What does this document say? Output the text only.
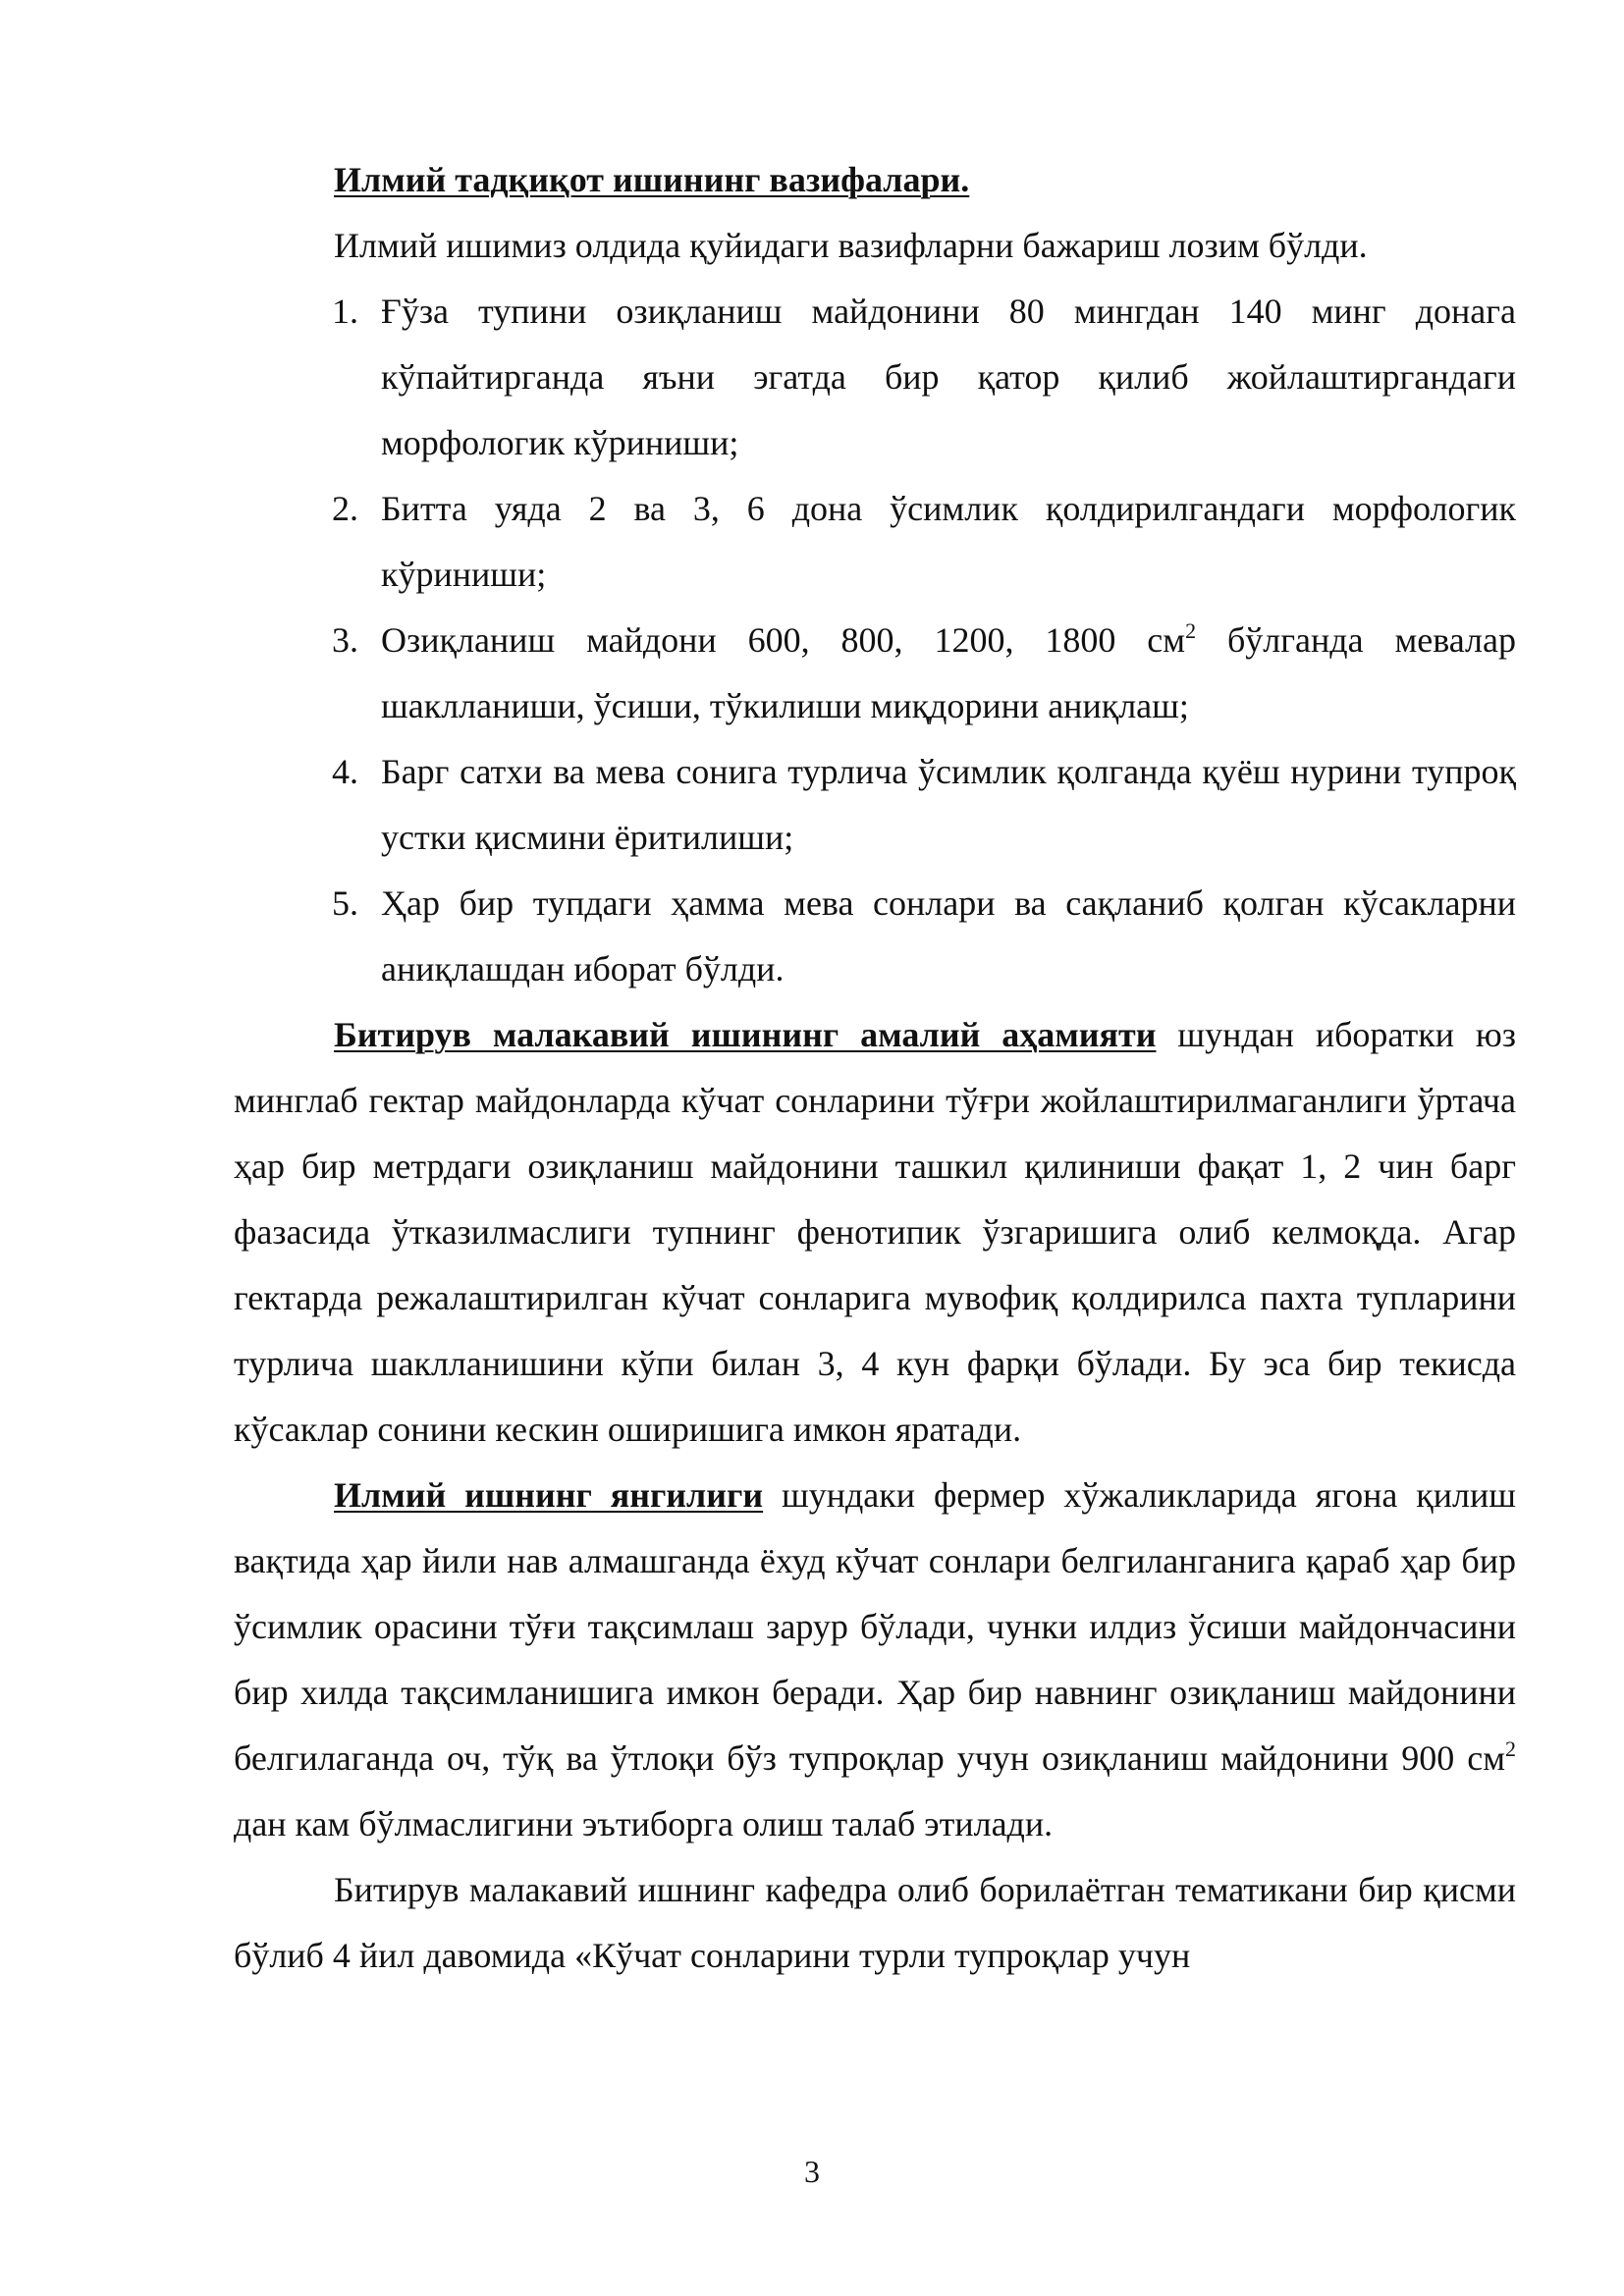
Илмий тадқиқот ишининг вазифалари.

Илмий ишимиз олдида қуйидаги вазифларни бажариш лозим бўлди.

1. Ғўза тупини озиқланиш майдонини 80 мингдан 140 минг донага кўпайтирганда яъни эгатда бир қатор қилиб жойлаштиргандаги морфологик кўриниши;
2. Битта уяда 2 ва 3, 6 дона ўсимлик қолдирилгандаги морфологик кўриниши;
3. Озиқланиш майдони 600, 800, 1200, 1800 $см^2$ бўлганда мевалар шаклланиши, ўсиши, тўкилиши миқдорини аниқлаш;
4. Барг сатхи ва мева сонига турлича ўсимлик қолганда қуёш нурини тупроқ устки қисмини ёритилиши;
5. Ҳар бир тупдаги ҳамма мева сонлари ва сақланиб қолган кўсакларни аниқлашдан иборат бўлди.

Битирув малакавий ишининг амалий аҳамияти шундан иборатки юз минглаб гектар майдонларда кўчат сонларини тўғри жойлаштирилмаганлиги ўртача ҳар бир метрдаги озиқланиш майдонини ташкил қилиниши фақат 1, 2 чин барг фазасида ўтказилмаслиги тупнинг фенотипик ўзгаришига олиб келмоқда. Агар гектарда режалаштирилган кўчат сонларига мувофиқ қолдирилса пахта тупларини турлича шаклланишини кўпи билан 3, 4 кун фарқи бўлади. Бу эса бир текисда кўсаклар сонини кескин оширишига имкон яратади.

Илмий ишнинг янгилиги шундаки фермер хўжаликларида ягона қилиш вақтида ҳар йили нав алмашганда ёхуд кўчат сонлари белгиланганига қараб ҳар бир ўсимлик орасини тўғи тақсимлаш зарур бўлади, чунки илдиз ўсиши майдончасини бир хилда тақсимланишига имкон беради. Ҳар бир навнинг озиқланиш майдонини белгилаганда оч, тўқ ва ўтлоқи бўз тупроқлар учун озиқланиш майдонини 900 $см^2$ дан кам бўлмаслигини эътиборга олиш талаб этилади.

Битирув малакавий ишнинг кафедра олиб борилаётган тематикани бир қисми бўлиб 4 йил давомида «Кўчат сонларини турли тупроқлар учун

3
